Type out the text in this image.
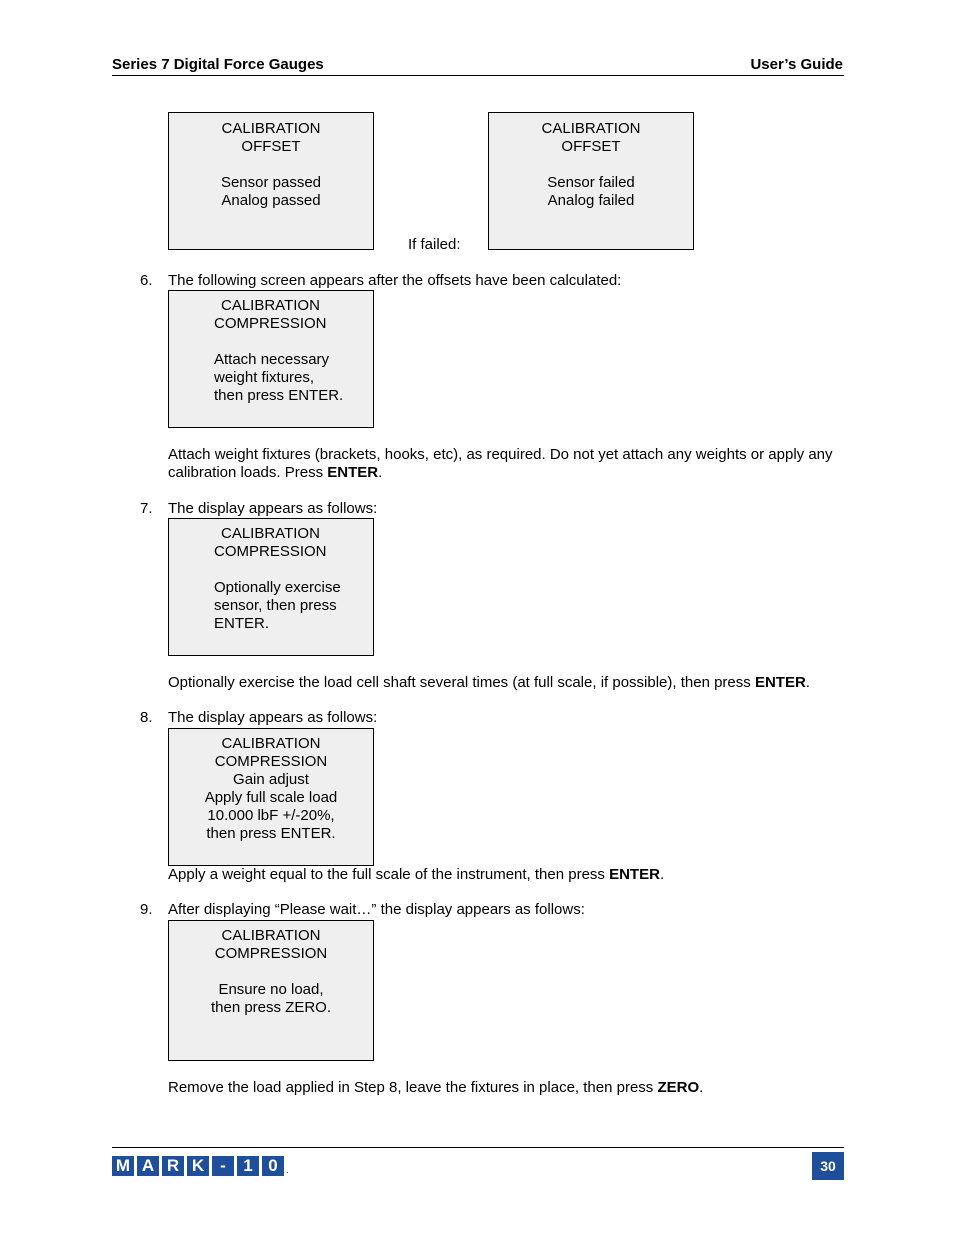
Series 7 Digital Force Gauges	User’s Guide
CALIBRATION
OFFSET
Sensor passed
Analog passed
If failed:
CALIBRATION
OFFSET
Sensor failed
Analog failed
6. The following screen appears after the offsets have been calculated:
CALIBRATION
COMPRESSION
Attach necessary
weight fixtures,
then press ENTER.
Attach weight fixtures (brackets, hooks, etc), as required. Do not yet attach any weights or apply any calibration loads. Press ENTER.
7. The display appears as follows:
CALIBRATION
COMPRESSION
Optionally exercise
sensor, then press
ENTER.
Optionally exercise the load cell shaft several times (at full scale, if possible), then press ENTER.
8. The display appears as follows:
CALIBRATION
COMPRESSION
Gain adjust
Apply full scale load
10.000 lbF +/-20%,
then press ENTER.
Apply a weight equal to the full scale of the instrument, then press ENTER.
9. After displaying “Please wait…” the display appears as follows:
CALIBRATION
COMPRESSION
Ensure no load,
then press ZERO.
Remove the load applied in Step 8, leave the fixtures in place, then press ZERO.
M A R K -	1 0 .	30
